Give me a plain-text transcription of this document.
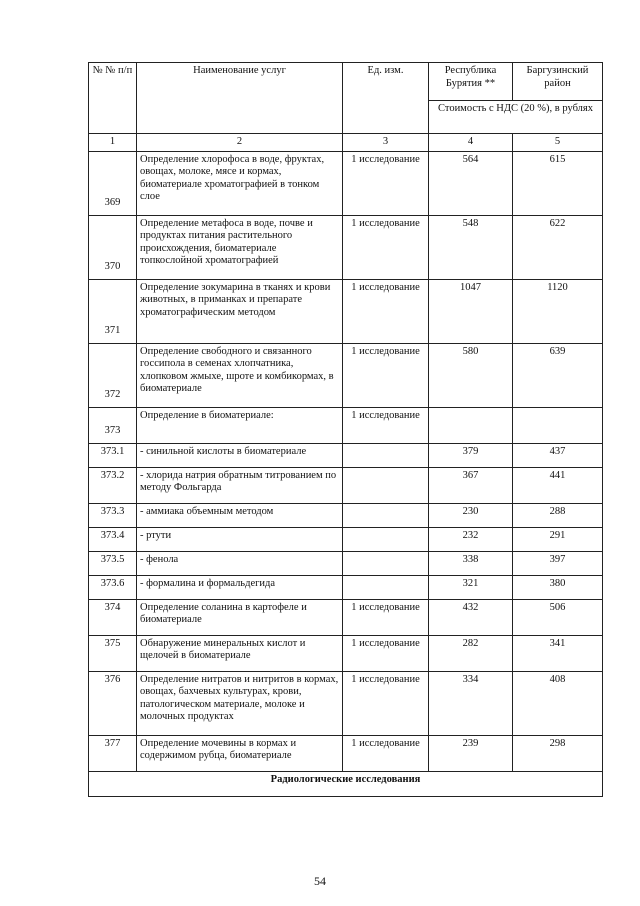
№ № п/п	Наименование услуг	Ед. изм.	Республика Бурятия **	Баргузинский район
			Стоимость с НДС (20 %), в рублях	
1	2	3	4	5
369	Определение хлорофоса в воде, фруктах, овощах, молоке, мясе и кормах, биоматериале хроматографией в тонком слое	1 исследование	564	615
370	Определение метафоса в воде, почве и продуктах питания растительного происхождения, биоматериале топкослойной хроматографией	1 исследование	548	622
371	Определение зокумарина в тканях и крови животных, в приманках и препарате хроматографическим методом	1 исследование	1047	1120
372	Определение свободного и связанного госсипола в семенах хлопчатника, хлопковом жмыхе, шроте и комбикормах, в биоматериале	1 исследование	580	639
373	Определение в биоматериале:	1 исследование		
373.1	- синильной кислоты в биоматериале		379	437
373.2	- хлорида натрия обратным титрованием по методу Фольгарда		367	441
373.3	- аммиака объемным методом		230	288
373.4	- ртути		232	291
373.5	- фенола		338	397
373.6	- формалина и формальдегида		321	380
374	Определение соланина в картофеле и биоматериале	1 исследование	432	506
375	Обнаружение минеральных кислот и щелочей в биоматериале	1 исследование	282	341
376	Определение нитратов и нитритов в кормах, овощах, бахчевых культурах, крови, патологическом материале, молоке и молочных продуктах	1 исследование	334	408
377	Определение мочевины в кормах и содержимом рубца, биоматериале	1 исследование	239	298
Радиологические исследования				
54
